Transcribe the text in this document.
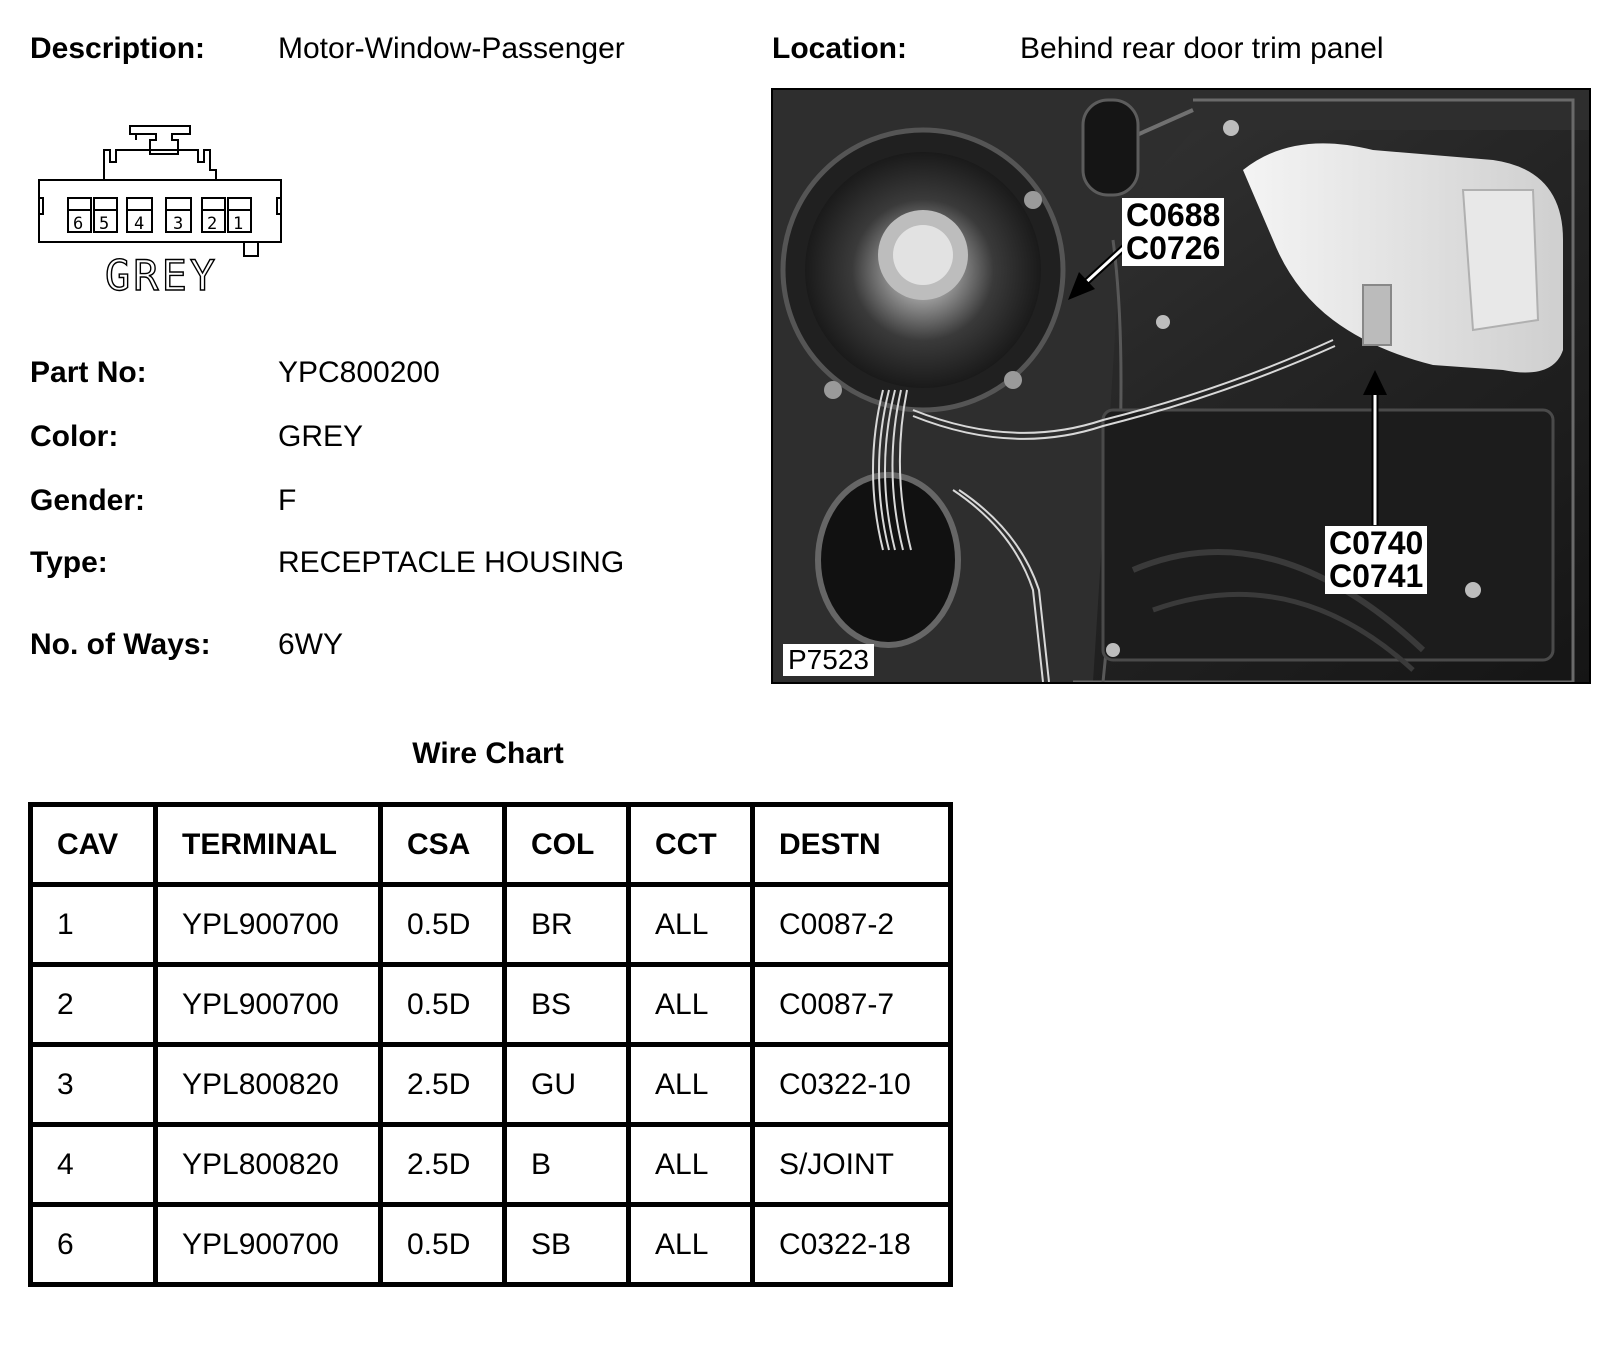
Description: Motor-Window-Passenger	Location:	Behind rear door trim panel
6 5 4 3 2 1
GREY
Part No:	YPC800200
Color:	GREY
Gender:	F
Type:	RECEPTACLE HOUSING
No. of Ways: 6WY
C0688
C0726
C0740
C0741
P7523
Wire Chart
CAV	TERMINAL	CSA	COL	CCT	DESTN
1	YPL900700	0.5D	BR	ALL	C0087-2
2	YPL900700	0.5D	BS	ALL	C0087-7
3	YPL800820	2.5D	GU	ALL	C0322-10
4	YPL800820	2.5D	B	ALL	S/JOINT
6	YPL900700	0.5D	SB	ALL	C0322-18
